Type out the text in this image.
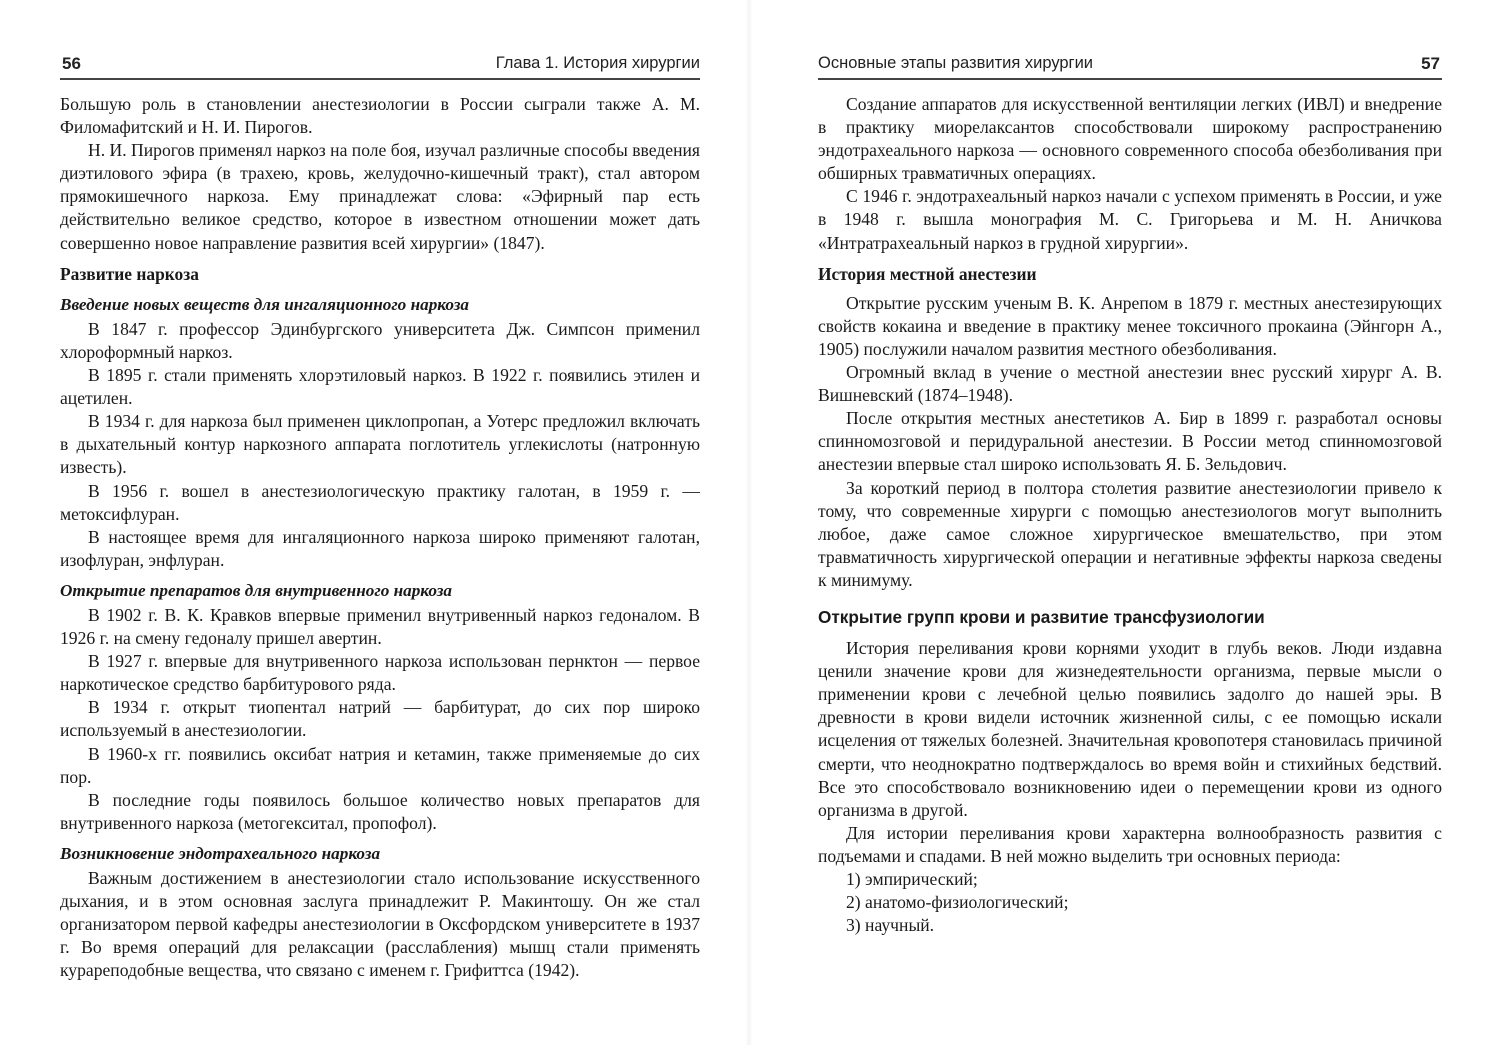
56	Глава 1. История хирургии

Большую роль в становлении анестезиологии в России сыграли также А. М. Филомафитский и Н. И. Пирогов.

Н. И. Пирогов применял наркоз на поле боя, изучал различные способы введения диэтилового эфира (в трахею, кровь, желудочно-кишечный тракт), стал автором прямокишечного наркоза. Ему принадлежат слова: «Эфирный пар есть действительно великое средство, которое в известном отношении может дать совершенно новое направление развития всей хирургии» (1847).

Развитие наркоза
Введение новых веществ для ингаляционного наркоза

В 1847 г. профессор Эдинбургского университета Дж. Симпсон применил хлороформный наркоз.

В 1895 г. стали применять хлорэтиловый наркоз. В 1922 г. появились этилен и ацетилен.

В 1934 г. для наркоза был применен циклопропан, а Уотерс предложил включать в дыхательный контур наркозного аппарата поглотитель углекислоты (натронную известь).

В 1956 г. вошел в анестезиологическую практику галотан, в 1959 г. — метоксифлуран.

В настоящее время для ингаляционного наркоза широко применяют галотан, изофлуран, энфлуран.

Открытие препаратов для внутривенного наркоза

В 1902 г. В. К. Кравков впервые применил внутривенный наркоз гедоналом. В 1926 г. на смену гедоналу пришел авертин.

В 1927 г. впервые для внутривенного наркоза использован пернктон — первое наркотическое средство барбитурового ряда.

В 1934 г. открыт тиопентал натрий — барбитурат, до сих пор широко используемый в анестезиологии.

В 1960-х гг. появились оксибат натрия и кетамин, также применяемые до сих пор.

В последние годы появилось большое количество новых препаратов для внутривенного наркоза (метогекситал, пропофол).

Возникновение эндотрахеального наркоза

Важным достижением в анестезиологии стало использование искусственного дыхания, и в этом основная заслуга принадлежит Р. Макинтошу. Он же стал организатором первой кафедры анестезиологии в Оксфордском университете в 1937 г. Во время операций для релаксации (расслабления) мышц стали применять курареподобные вещества, что связано с именем г. Грифиттса (1942).

Основные этапы развития хирургии	57

Создание аппаратов для искусственной вентиляции легких (ИВЛ) и внедрение в практику миорелаксантов способствовали широкому распространению эндотрахеального наркоза — основного современного способа обезболивания при обширных травматичных операциях.

С 1946 г. эндотрахеальный наркоз начали с успехом применять в России, и уже в 1948 г. вышла монография М. С. Григорьева и М. Н. Аничкова «Интратрахеальный наркоз в грудной хирургии».

История местной анестезии

Открытие русским ученым В. К. Анрепом в 1879 г. местных анестезирующих свойств кокаина и введение в практику менее токсичного прокаина (Эйнгорн А., 1905) послужили началом развития местного обезболивания.

Огромный вклад в учение о местной анестезии внес русский хирург А. В. Вишневский (1874–1948).

После открытия местных анестетиков А. Бир в 1899 г. разработал основы спинномозговой и перидуральной анестезии. В России метод спинномозговой анестезии впервые стал широко использовать Я. Б. Зельдович.

За короткий период в полтора столетия развитие анестезиологии привело к тому, что современные хирурги с помощью анестезиологов могут выполнить любое, даже самое сложное хирургическое вмешательство, при этом травматичность хирургической операции и негативные эффекты наркоза сведены к минимуму.

Открытие групп крови и развитие трансфузиологии

История переливания крови корнями уходит в глубь веков. Люди издавна ценили значение крови для жизнедеятельности организма, первые мысли о применении крови с лечебной целью появились задолго до нашей эры. В древности в крови видели источник жизненной силы, с ее помощью искали исцеления от тяжелых болезней. Значительная кровопотеря становилась причиной смерти, что неоднократно подтверждалось во время войн и стихийных бедствий. Все это способствовало возникновению идеи о перемещении крови из одного организма в другой.

Для истории переливания крови характерна волнообразность развития с подъемами и спадами. В ней можно выделить три основных периода:

1) эмпирический;

2) анатомо-физиологический;

3) научный.
